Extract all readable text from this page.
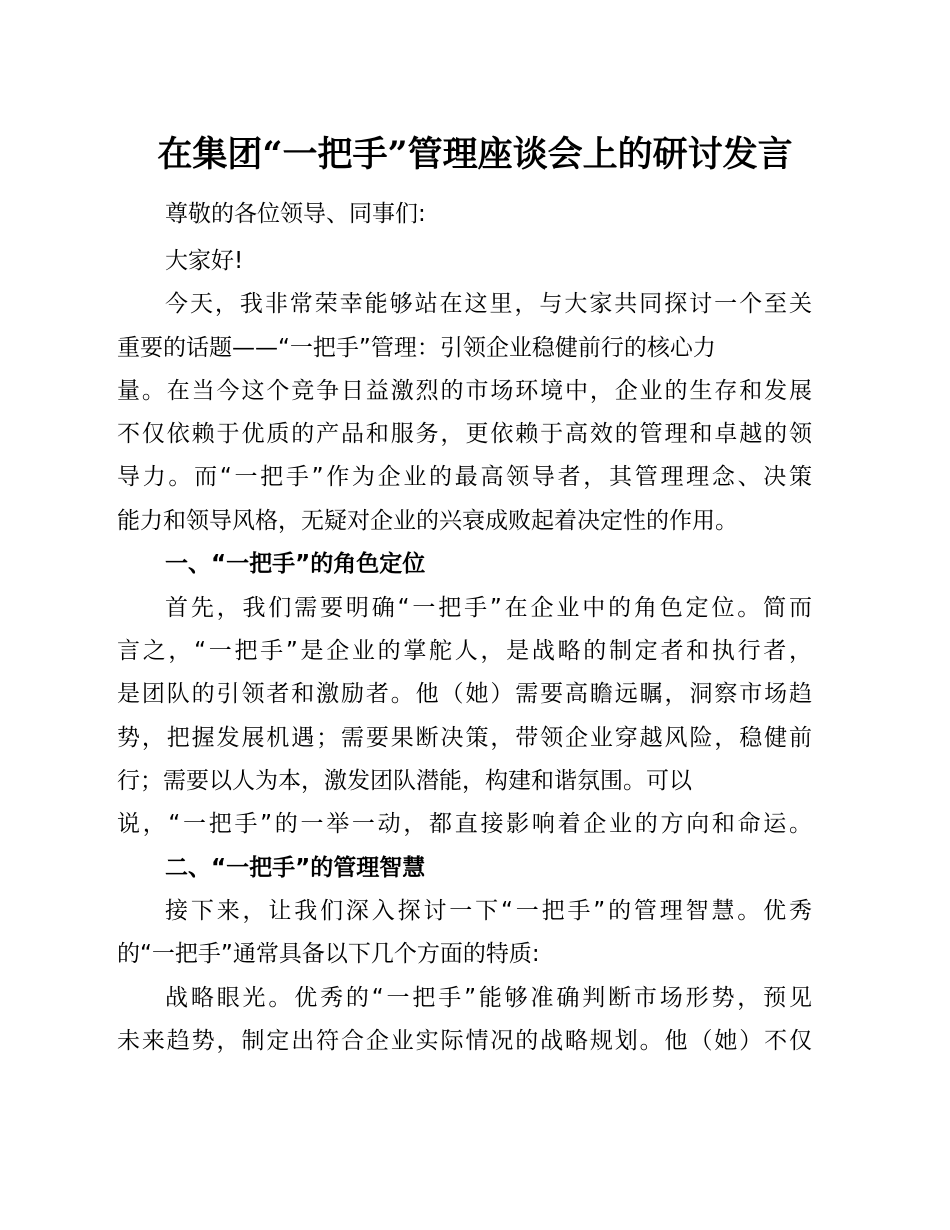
在集团“一把手”管理座谈会上的研讨发言

尊敬的各位领导、同事们:

大家好!

今天，我非常荣幸能够站在这里，与大家共同探讨一个至关

重要的话题——“一把手”管理：引领企业稳健前行的核心力

量。在当今这个竞争日益激烈的市场环境中，企业的生存和发展

不仅依赖于优质的产品和服务，更依赖于高效的管理和卓越的领

导力。而“一把手”作为企业的最高领导者，其管理理念、决策

能力和领导风格，无疑对企业的兴衰成败起着决定性的作用。

一、“一把手”的角色定位

首先，我们需要明确“一把手”在企业中的角色定位。简而

言之，“一把手”是企业的掌舵人，是战略的制定者和执行者，

是团队的引领者和激励者。他（她）需要高瞻远瞩，洞察市场趋

势，把握发展机遇；需要果断决策，带领企业穿越风险，稳健前

行；需要以人为本，激发团队潜能，构建和谐氛围。可以

说，“一把手”的一举一动，都直接影响着企业的方向和命运。

二、“一把手”的管理智慧

接下来，让我们深入探讨一下“一把手”的管理智慧。优秀

的“一把手”通常具备以下几个方面的特质:

战略眼光。优秀的“一把手”能够准确判断市场形势，预见

未来趋势，制定出符合企业实际情况的战略规划。他（她）不仅
